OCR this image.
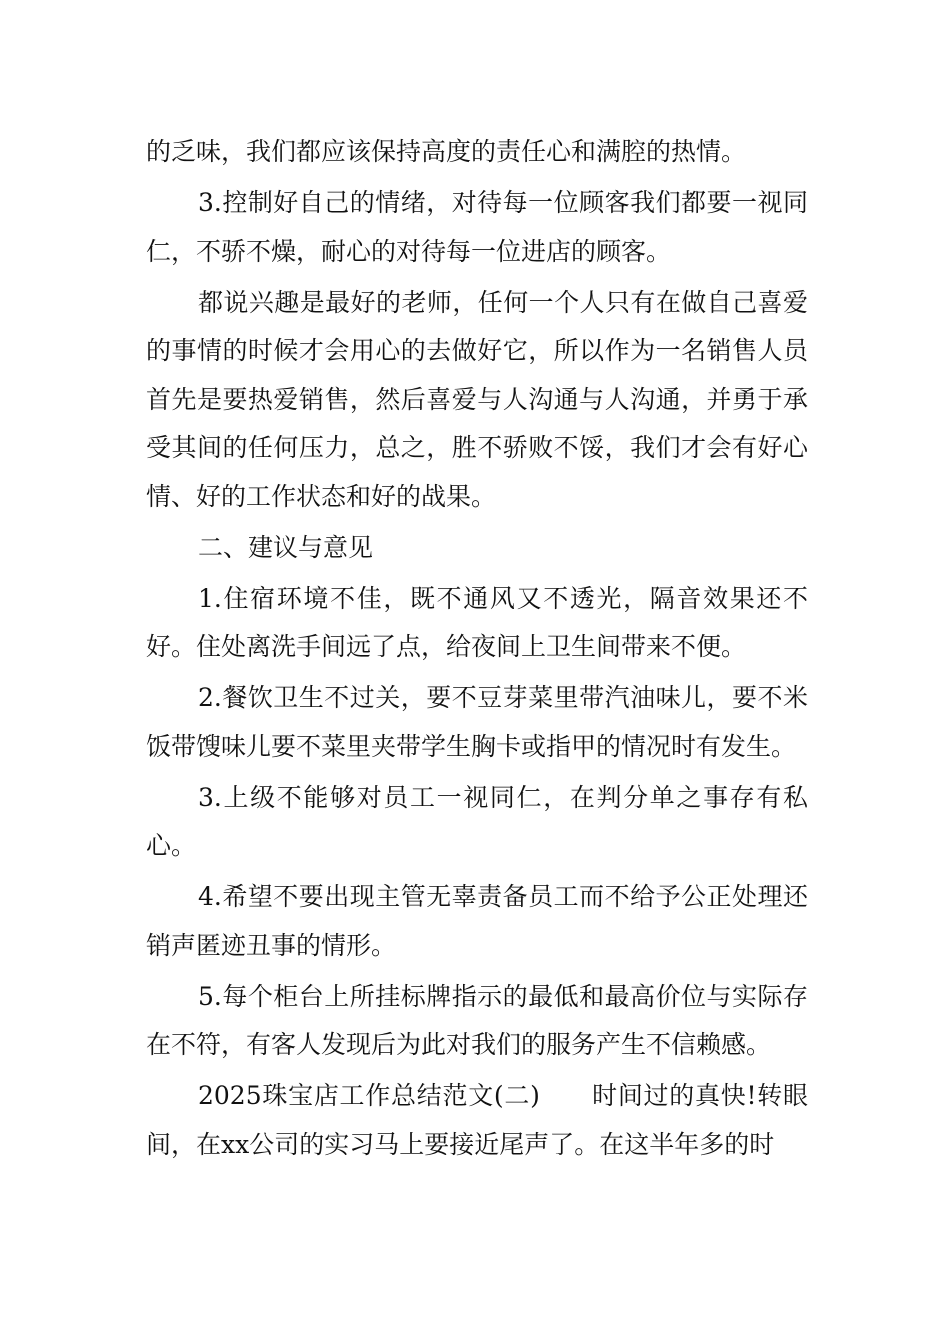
的乏味，我们都应该保持高度的责任心和满腔的热情。

3.控制好自己的情绪，对待每一位顾客我们都要一视同仁，不骄不燥，耐心的对待每一位进店的顾客。

都说兴趣是最好的老师，任何一个人只有在做自己喜爱的事情的时候才会用心的去做好它，所以作为一名销售人员首先是要热爱销售，然后喜爱与人沟通与人沟通，并勇于承受其间的任何压力，总之，胜不骄败不馁，我们才会有好心情、好的工作状态和好的战果。

二、建议与意见

1.住宿环境不佳，既不通风又不透光，隔音效果还不好。住处离洗手间远了点，给夜间上卫生间带来不便。

2.餐饮卫生不过关，要不豆芽菜里带汽油味儿，要不米饭带馊味儿要不菜里夹带学生胸卡或指甲的情况时有发生。

3.上级不能够对员工一视同仁，在判分单之事存有私心。

4.希望不要出现主管无辜责备员工而不给予公正处理还销声匿迹丑事的情形。

5.每个柜台上所挂标牌指示的最低和最高价位与实际存在不符，有客人发现后为此对我们的服务产生不信赖感。

2025珠宝店工作总结范文(二)　　时间过的真快!转眼间，在xx公司的实习马上要接近尾声了。在这半年多的时
